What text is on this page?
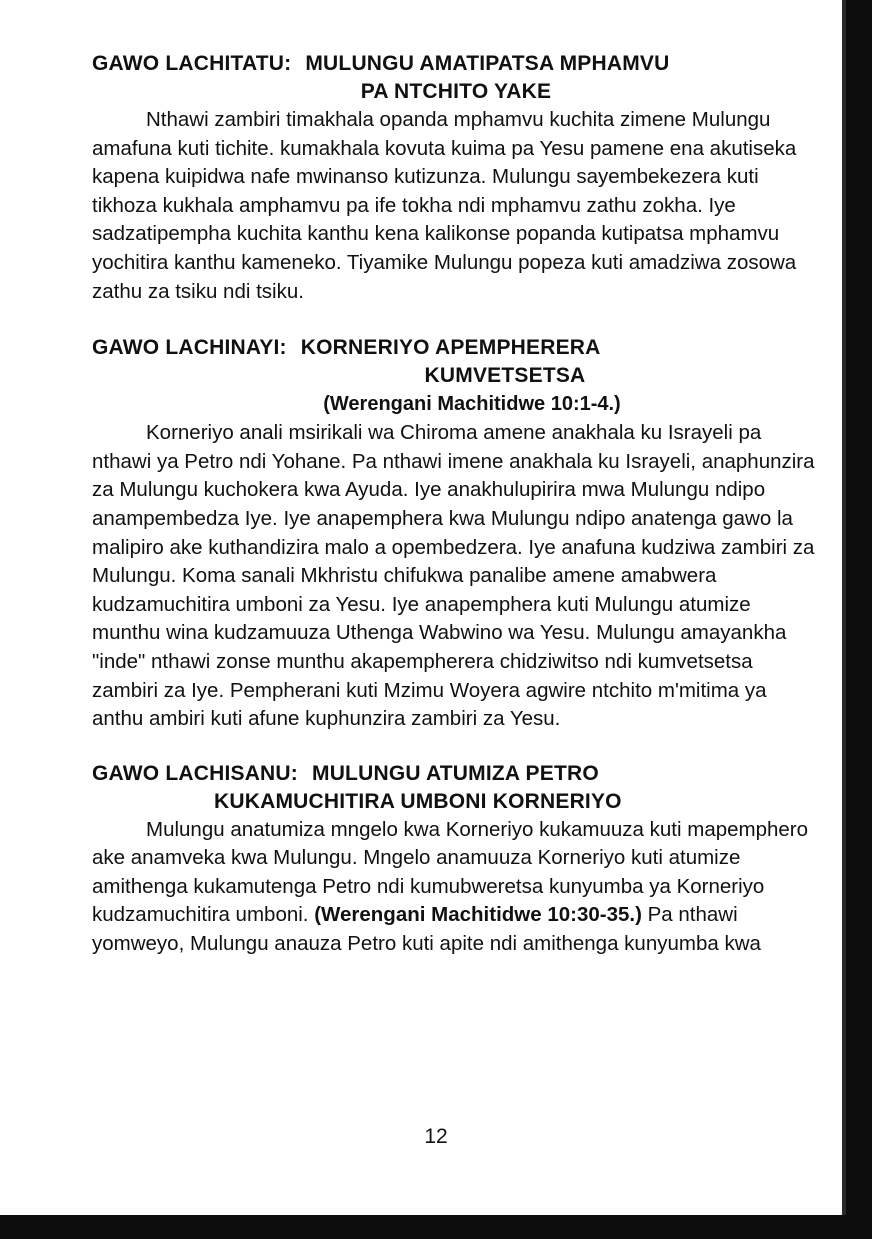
GAWO LACHITATU: MULUNGU AMATIPATSA MPHAMVU
PA NTCHITO YAKE

Nthawi zambiri timakhala opanda mphamvu kuchita zimene Mulungu amafuna kuti tichite. kumakhala kovuta kuima pa Yesu pamene ena akutiseka kapena kuipidwa nafe mwinanso kutizunza. Mulungu sayembekezera kuti tikhoza kukhala amphamvu pa ife tokha ndi mphamvu zathu zokha. Iye sadzatipempha kuchita kanthu kena kalikonse popanda kutipatsa mphamvu yochitira kanthu kameneko. Tiyamike Mulungu popeza kuti amadziwa zosowa zathu za tsiku ndi tsiku.

GAWO LACHINAYI: KORNERIYO APEMPHERERA
KUMVETSETSA
(Werengani Machitidwe 10:1-4.)

Korneriyo anali msirikali wa Chiroma amene anakhala ku Israyeli pa nthawi ya Petro ndi Yohane. Pa nthawi imene anakhala ku Israyeli, anaphunzira za Mulungu kuchokera kwa Ayuda. Iye anakhulupirira mwa Mulungu ndipo anampembedza Iye. Iye anapemphera kwa Mulungu ndipo anatenga gawo la malipiro ake kuthandizira malo a opembedzera. Iye anafuna kudziwa zambiri za Mulungu. Koma sanali Mkhristu chifukwa panalibe amene amabwera kudzamuchitira umboni za Yesu. Iye anapemphera kuti Mulungu atumize munthu wina kudzamuuza Uthenga Wabwino wa Yesu. Mulungu amayankha "inde" nthawi zonse munthu akapempherera chidziwitso ndi kumvetsetsa zambiri za Iye. Pempherani kuti Mzimu Woyera agwire ntchito m'mitima ya anthu ambiri kuti afune kuphunzira zambiri za Yesu.

GAWO LACHISANU: MULUNGU ATUMIZA PETRO
KUKAMUCHITIRA UMBONI KORNERIYO

Mulungu anatumiza mngelo kwa Korneriyo kukamuuza kuti mapemphero ake anamveka kwa Mulungu. Mngelo anamuuza Korneriyo kuti atumize amithenga kukamutenga Petro ndi kumubweretsa kunyumba ya Korneriyo kudzamuchitira umboni. (Werengani Machitidwe 10:30-35.) Pa nthawi yomweyo, Mulungu anauza Petro kuti apite ndi amithenga kunyumba kwa

12
